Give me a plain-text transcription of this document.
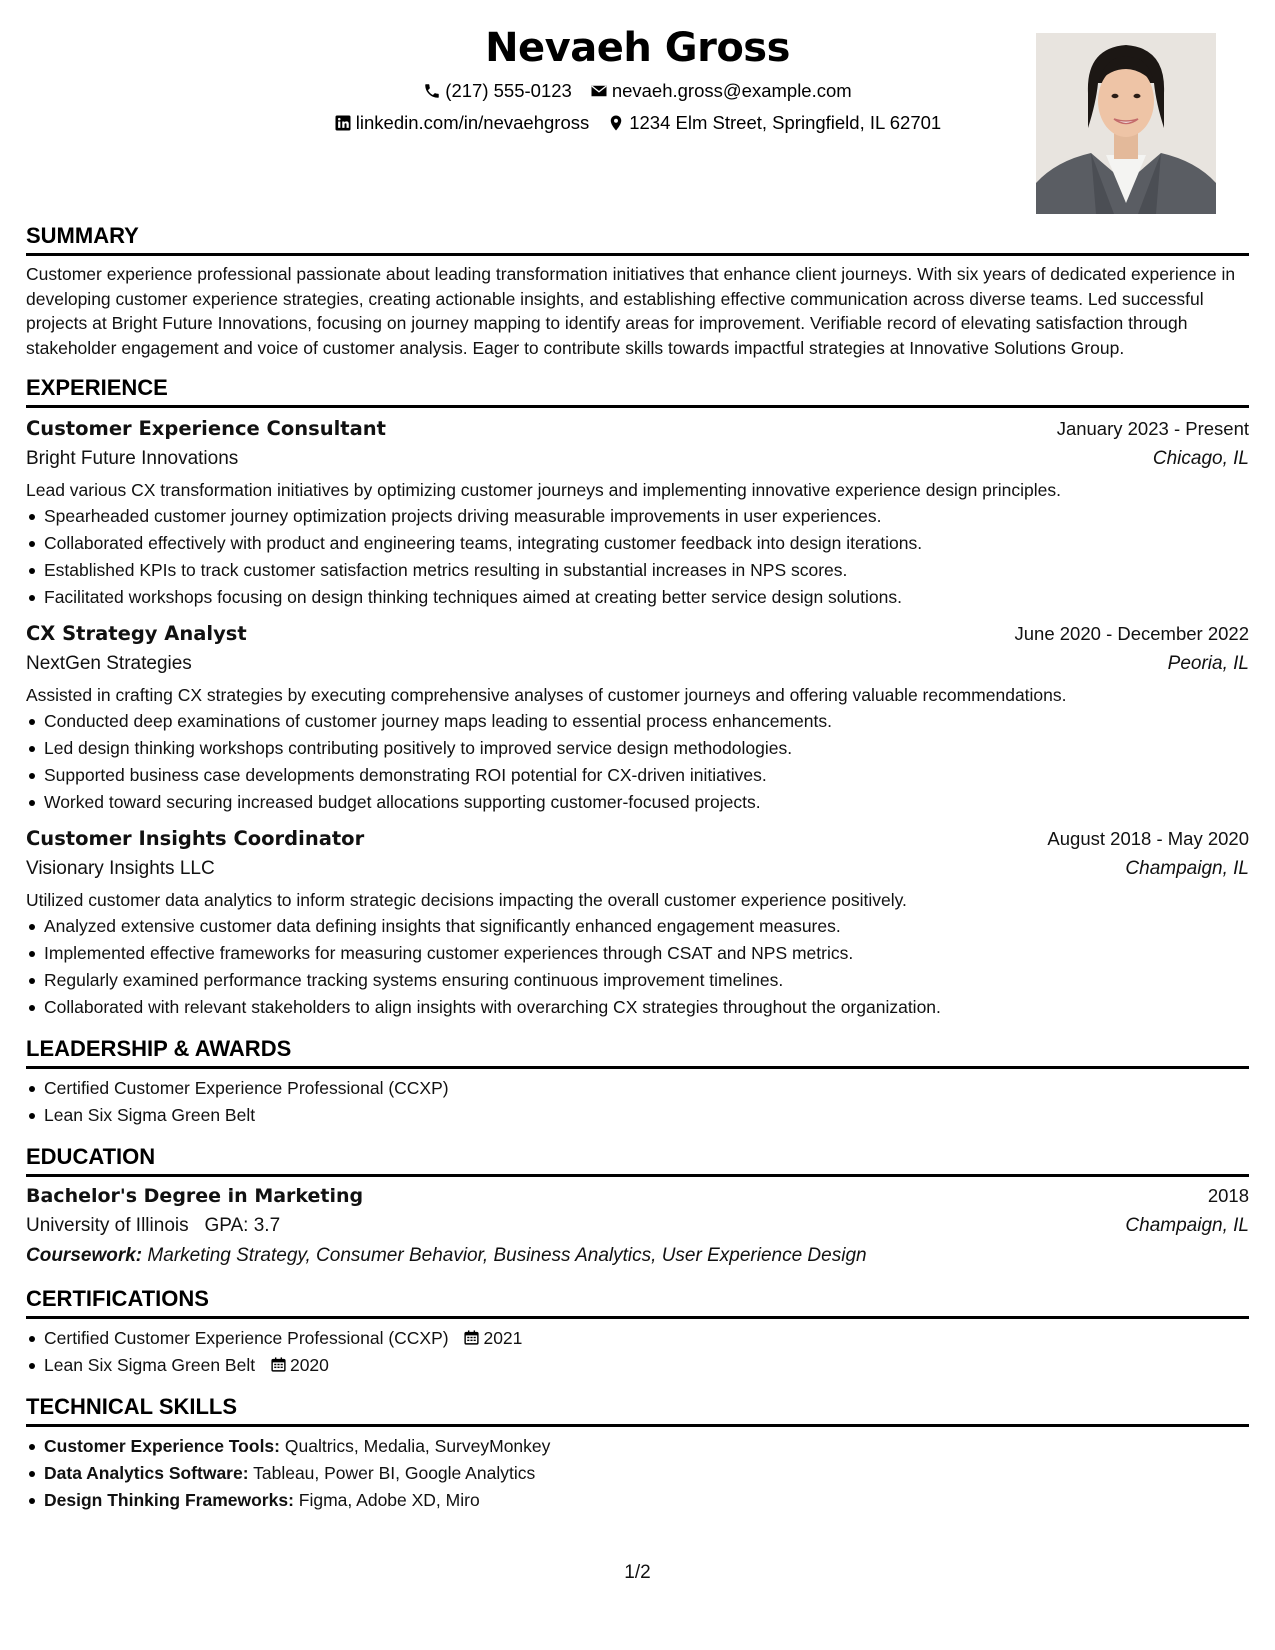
Nevaeh Gross
(217) 555-0123 nevaeh.gross@example.com
linkedin.com/in/nevaehgross 1234 Elm Street, Springfield, IL 62701
SUMMARY

Customer experience professional passionate about leading transformation initiatives that enhance client journeys. With six years of dedicated experience in developing customer experience strategies, creating actionable insights, and establishing effective communication across diverse teams. Led successful projects at Bright Future Innovations, focusing on journey mapping to identify areas for improvement. Verifiable record of elevating satisfaction through stakeholder engagement and voice of customer analysis. Eager to contribute skills towards impactful strategies at Innovative Solutions Group.

EXPERIENCE
Customer Experience Consultant	January 2023 - Present
Bright Future Innovations	Chicago, IL
Lead various CX transformation initiatives by optimizing customer journeys and implementing innovative experience design principles.
Spearheaded customer journey optimization projects driving measurable improvements in user experiences.
Collaborated effectively with product and engineering teams, integrating customer feedback into design iterations.
Established KPIs to track customer satisfaction metrics resulting in substantial increases in NPS scores.
Facilitated workshops focusing on design thinking techniques aimed at creating better service design solutions.
CX Strategy Analyst	June 2020 - December 2022
NextGen Strategies	Peoria, IL
Assisted in crafting CX strategies by executing comprehensive analyses of customer journeys and offering valuable recommendations.
Conducted deep examinations of customer journey maps leading to essential process enhancements.
Led design thinking workshops contributing positively to improved service design methodologies.
Supported business case developments demonstrating ROI potential for CX-driven initiatives.
Worked toward securing increased budget allocations supporting customer-focused projects.
Customer Insights Coordinator	August 2018 - May 2020
Visionary Insights LLC	Champaign, IL
Utilized customer data analytics to inform strategic decisions impacting the overall customer experience positively.
Analyzed extensive customer data defining insights that significantly enhanced engagement measures.
Implemented effective frameworks for measuring customer experiences through CSAT and NPS metrics.
Regularly examined performance tracking systems ensuring continuous improvement timelines.
Collaborated with relevant stakeholders to align insights with overarching CX strategies throughout the organization.
LEADERSHIP & AWARDS
Certified Customer Experience Professional (CCXP)
Lean Six Sigma Green Belt
EDUCATION
Bachelor's Degree in Marketing	2018
University of Illinois GPA: 3.7	Champaign, IL
Coursework: Marketing Strategy, Consumer Behavior, Business Analytics, User Experience Design
CERTIFICATIONS
Certified Customer Experience Professional (CCXP) 2021
Lean Six Sigma Green Belt 2020
TECHNICAL SKILLS
Customer Experience Tools: Qualtrics, Medalia, SurveyMonkey
Data Analytics Software: Tableau, Power BI, Google Analytics
Design Thinking Frameworks: Figma, Adobe XD, Miro
1/2
